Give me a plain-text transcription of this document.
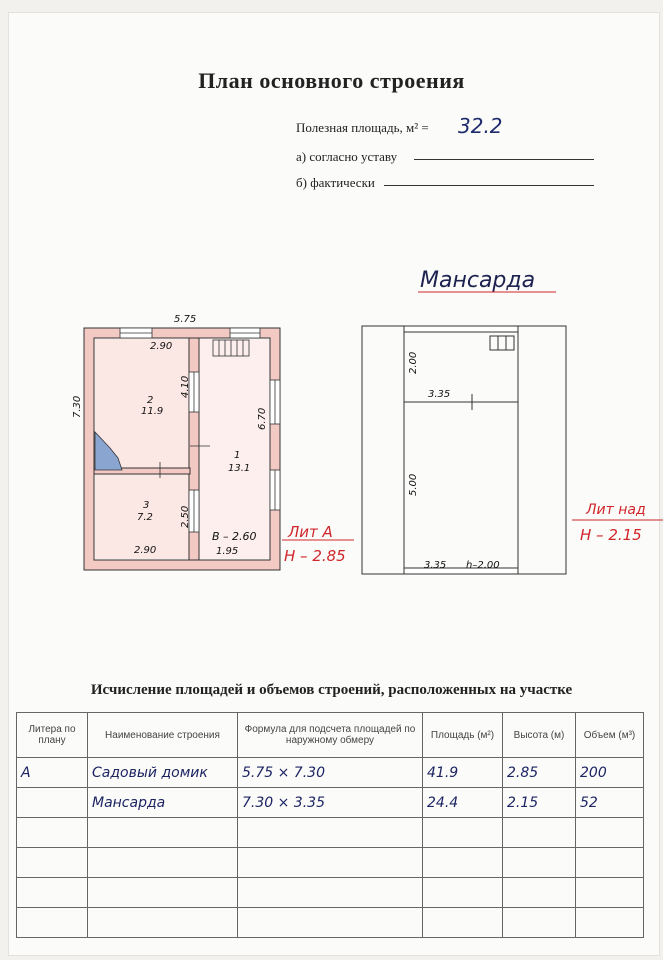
План основного строения
Полезная площадь, м² = 32.2
а) согласно уставу
б) фактически
5.75
7.30
2.90
2
11.9
4.10
1
13.1
6.70
3
7.2	2.50
2.90	1.95
B – 2.60 Лит А
Н – 2.85
Мансарда
2.00
3.35
5.00
3.35 h–2.00
Лит над
Н – 2.15
Исчисление площадей и объемов строений, расположенных на участке
Литера по плану	Наименование строения	Формула для подсчета площадей по наружному обмеру	Площадь (м²)	Высота (м)	Объем (м³)
А	Садовый домик	5.75 × 7.30	41.9	2.85	200
	Мансарда	7.30 × 3.35	24.4	2.15	52
